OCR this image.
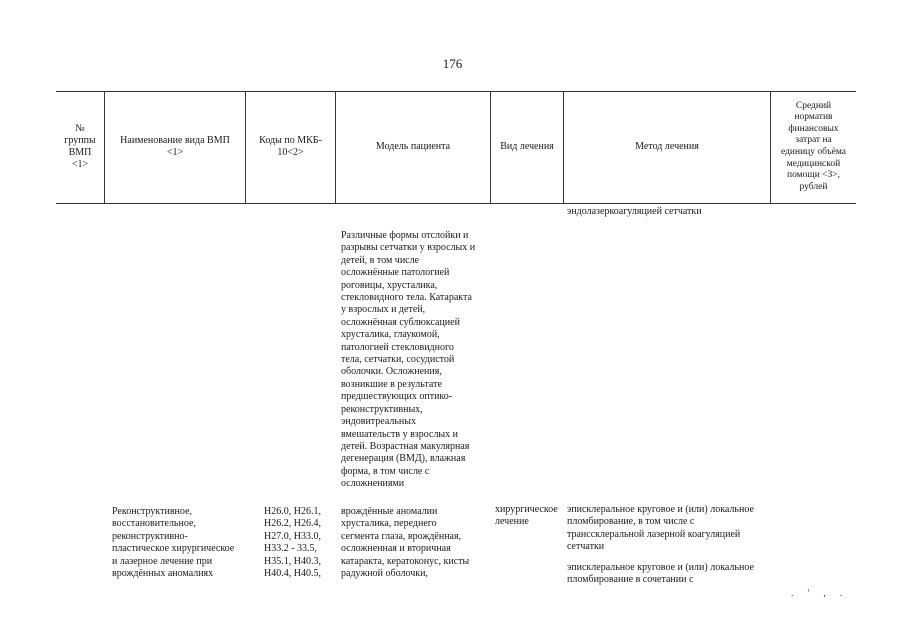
176
№
группы
ВМП
<1>
Наименование вида ВМП
<1>
Коды по МКБ-
10<2>
Модель пациента	Вид лечения	Метод лечения
Средний
норматив
финансовых
затрат на
единицу объёма
медицинской
помощи <3>,
рублей
эндолазеркоагуляцией сетчатки
Различные формы отслойки и
разрывы сетчатки у взрослых и
детей, в том числе
осложнённые патологией
роговицы, хрусталика,
стекловидного тела. Катаракта
у взрослых и детей,
осложнённая сублюксацией
хрусталика, глаукомой,
патологией стекловидного
тела, сетчатки, сосудистой
оболочки. Осложнения,
возникшие в результате
предшествующих оптико-
реконструктивных,
эндовитреальных
вмешательств у взрослых и
детей. Возрастная макулярная
дегенерация (ВМД), влажная
форма, в том числе с
осложнениями
Реконструктивное,
восстановительное,
реконструктивно-
пластическое хирургическое
и лазерное лечение при
врождённых аномалиях
Н26.0, Н26.1,
Н26.2, Н26.4,
Н27.0, Н33.0,
Н33.2 - 33.5,
Н35.1, Н40.3,
Н40.4, Н40.5,
врождённые аномалии
хрусталика, переднего
сегмента глаза, врождённая,
осложненная и вторичная
катаракта, кератоконус, кисты
радужной оболочки,
хирургическое
лечение
эписклеральное круговое и (или) локальное
пломбирование, в том числе с
транссклеральной лазерной коагуляцией
сетчатки
эписклеральное круговое и (или) локальное
пломбирование в сочетании с
. ' , .
